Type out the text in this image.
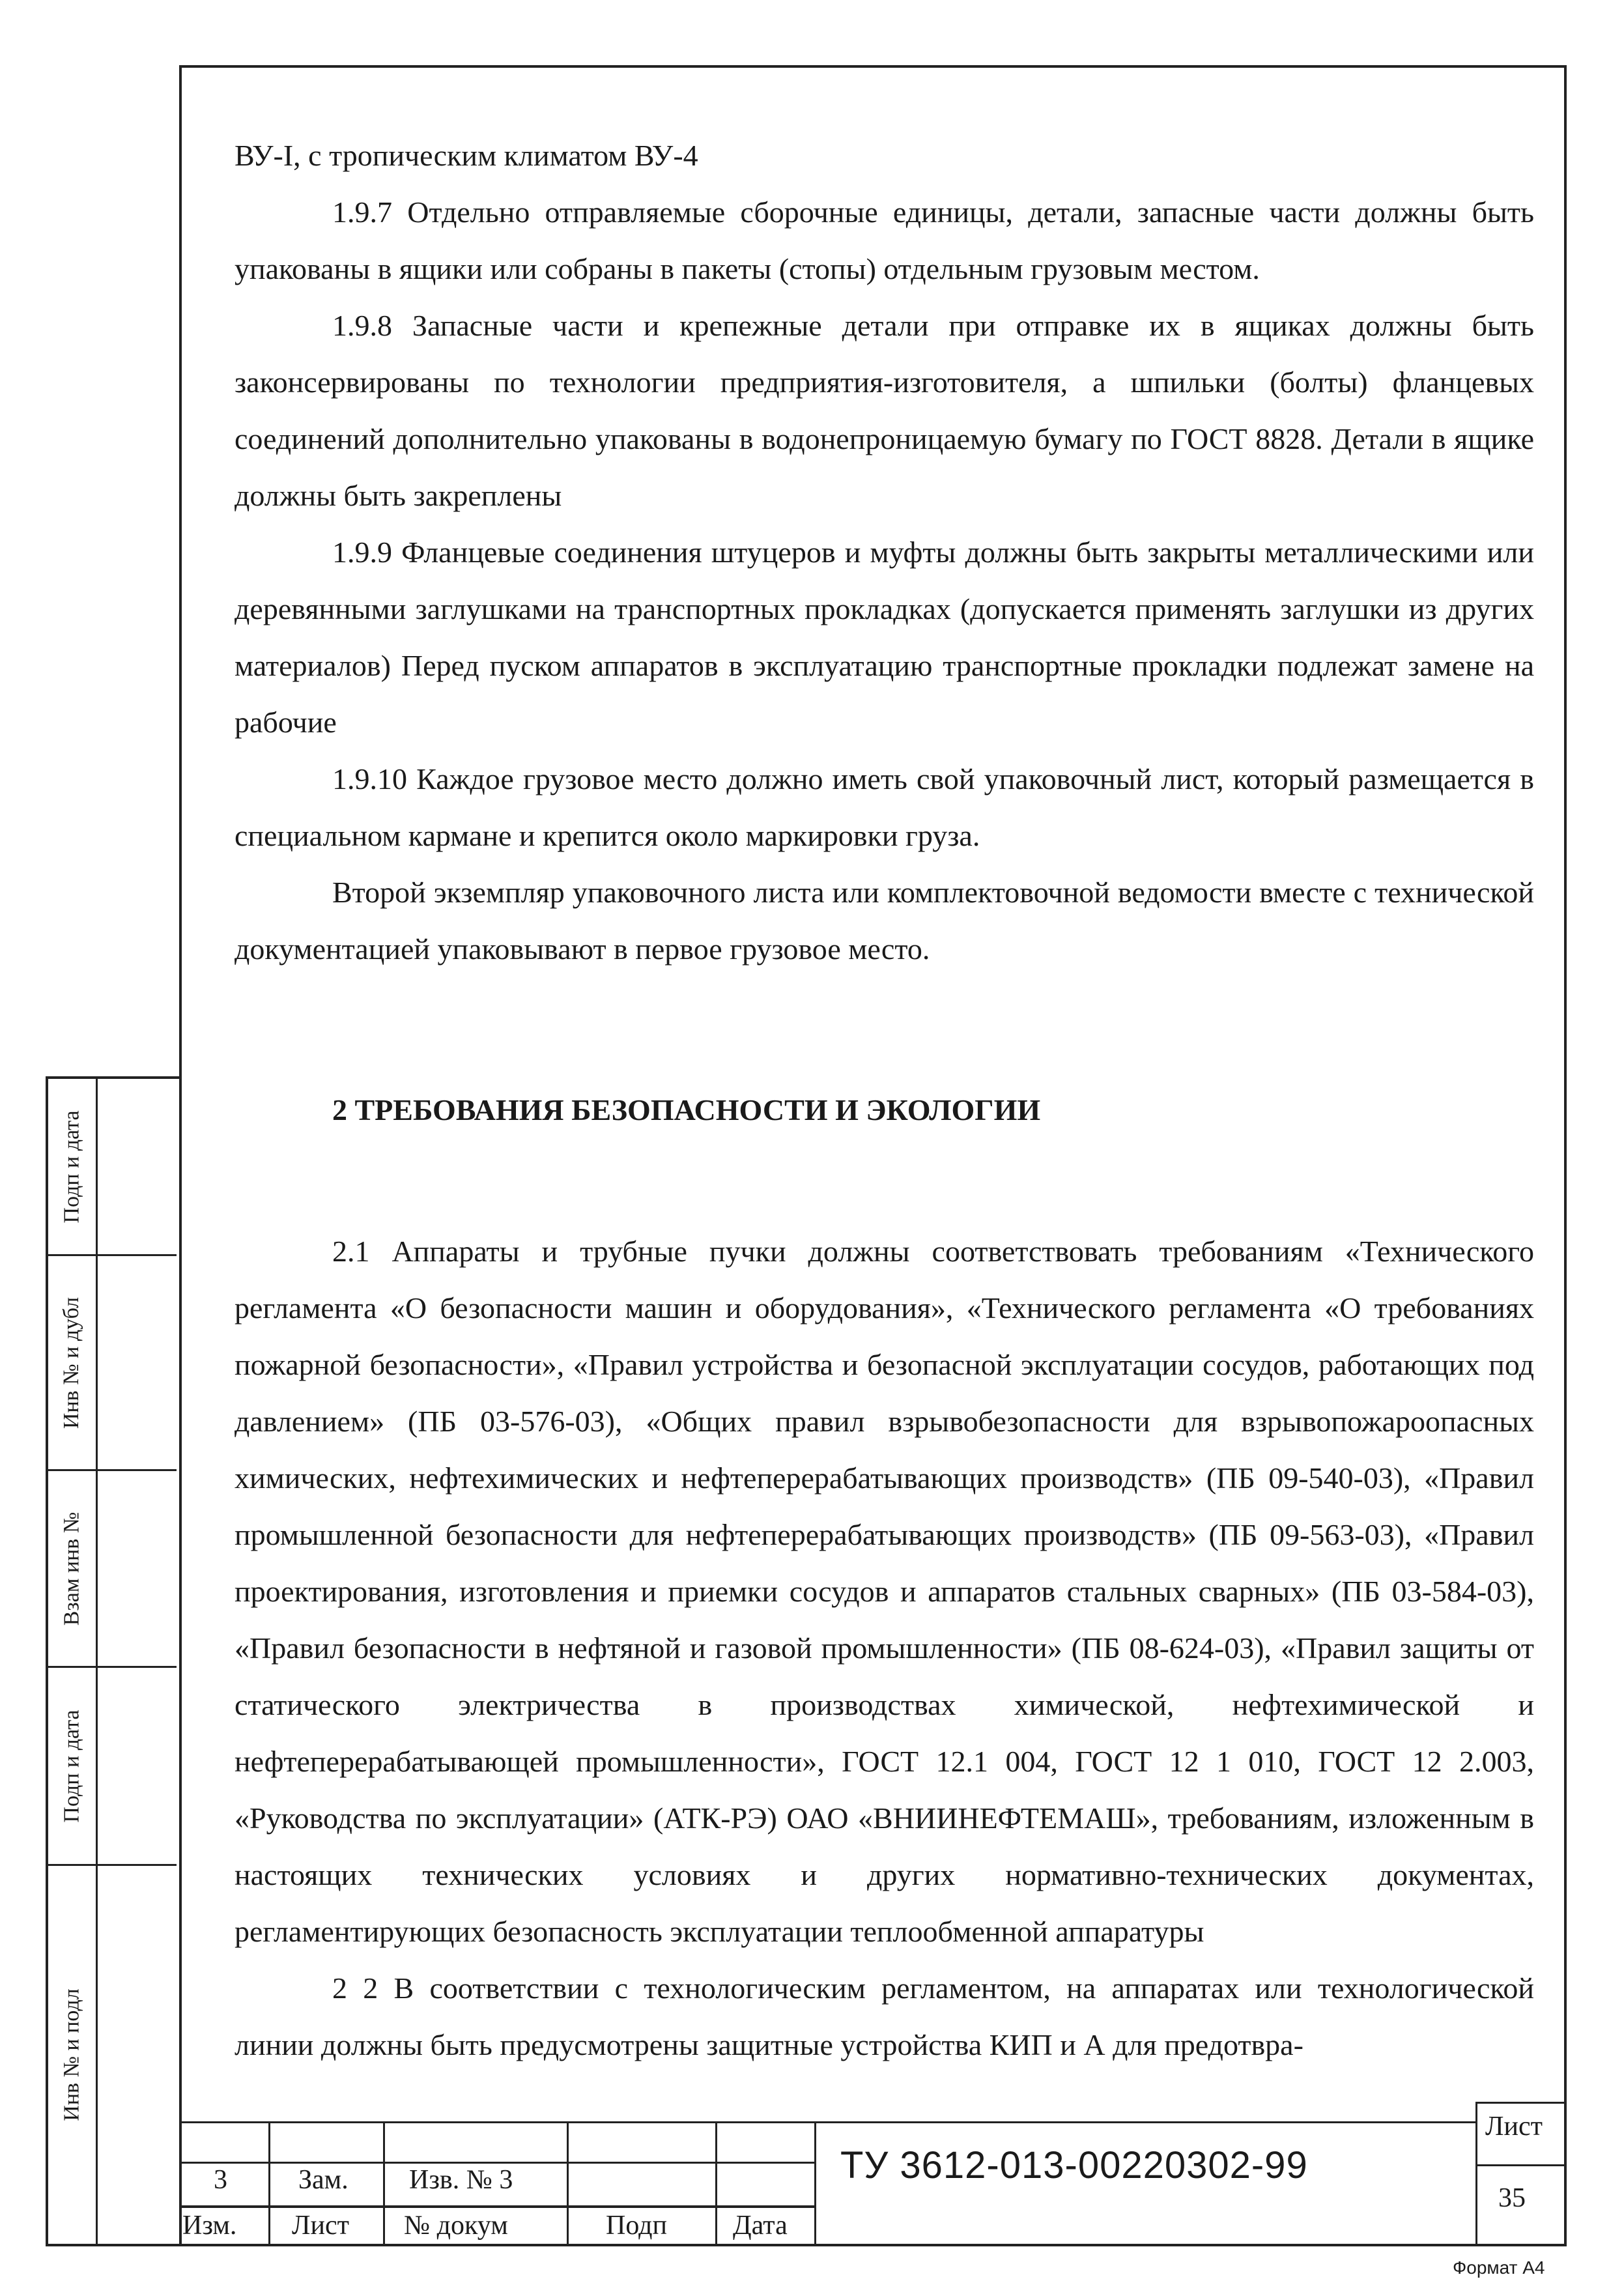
Подп и дата
Инв № и дубл
Взам инв №
Подп и дата
Инв № и подл

ВУ-I, с тропическим климатом ВУ-4

1.9.7 Отдельно отправляемые сборочные единицы, детали, запасные части должны быть упакованы в ящики или собраны в пакеты (стопы) отдельным грузовым местом.

1.9.8 Запасные части и крепежные детали при отправке их в ящиках должны быть законсервированы по технологии предприятия-изготовителя, а шпильки (болты) фланцевых соединений дополнительно упакованы в водонепроницаемую бумагу по ГОСТ 8828. Детали в ящике должны быть закреплены

1.9.9 Фланцевые соединения штуцеров и муфты должны быть закрыты металлическими или деревянными заглушками на транспортных прокладках (допускается применять заглушки из других материалов) Перед пуском аппаратов в эксплуатацию транспортные прокладки подлежат замене на рабочие

1.9.10 Каждое грузовое место должно иметь свой упаковочный лист, который размещается в специальном кармане и крепится около маркировки груза.

Второй экземпляр упаковочного листа или комплектовочной ведомости вместе с технической документацией упаковывают в первое грузовое место.

2 ТРЕБОВАНИЯ БЕЗОПАСНОСТИ И ЭКОЛОГИИ

2.1 Аппараты и трубные пучки должны соответствовать требованиям «Технического регламента «О безопасности машин и оборудования», «Технического регламента «О требованиях пожарной безопасности», «Правил устройства и безопасной эксплуатации сосудов, работающих под давлением» (ПБ 03-576-03), «Общих правил взрывобезопасности для взрывопожароопасных химических, нефтехимических и нефтеперерабатывающих производств» (ПБ 09-540-03), «Правил промышленной безопасности для нефтеперерабатывающих производств» (ПБ 09-563-03), «Правил проектирования, изготовления и приемки сосудов и аппаратов стальных сварных» (ПБ 03-584-03), «Правил безопасности в нефтяной и газовой промышленности» (ПБ 08-624-03), «Правил защиты от статического электричества в производствах химической, нефтехимической и нефтеперерабатывающей промышленности», ГОСТ 12.1 004, ГОСТ 12 1 010, ГОСТ 12 2.003, «Руководства по эксплуатации» (АТК-РЭ) ОАО «ВНИИНЕФТЕМАШ», требованиям, изложенным в настоящих технических условиях и других нормативно-технических документах, регламентирующих безопасность эксплуатации теплообменной аппаратуры

2 2 В соответствии с технологическим регламентом, на аппаратах или технологической линии должны быть предусмотрены защитные устройства КИП и А для предотвра-

3	Зам. Изв. № 3
Изм. Лист № докум	Подп Дата
ТУ 3612-013-00220302-99
Лист
35
Формат А4
